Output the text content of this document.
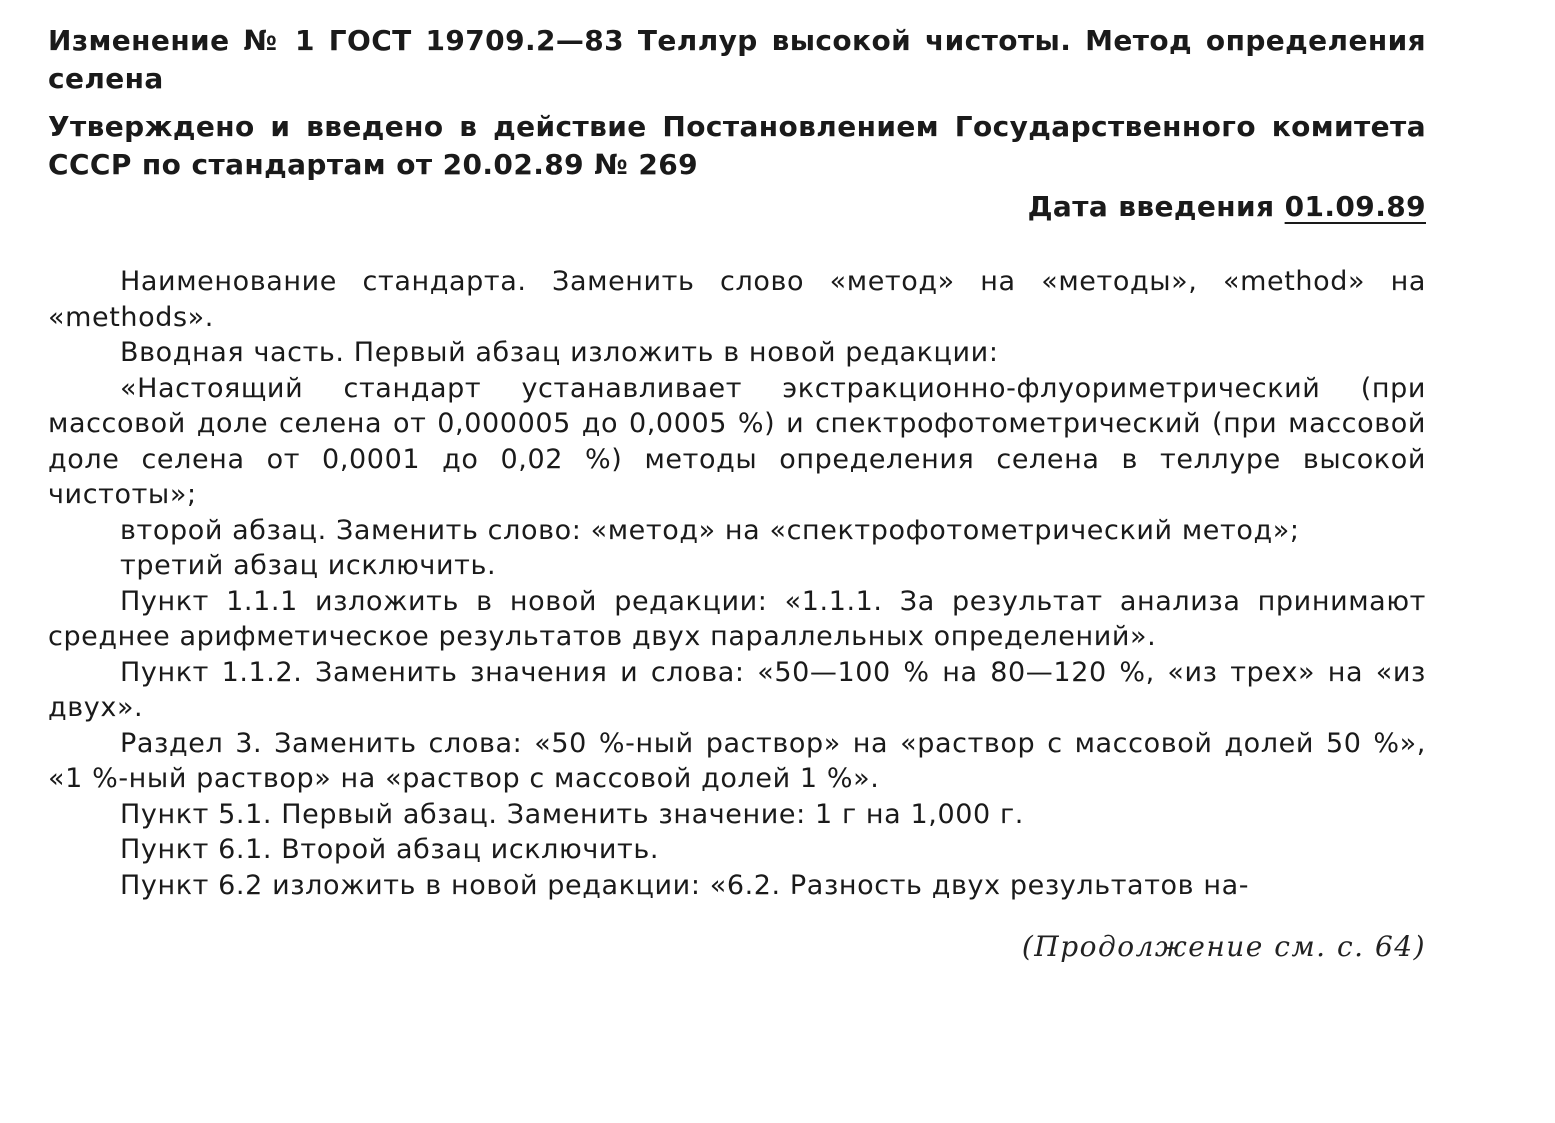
Изменение № 1 ГОСТ 19709.2—83 Теллур высокой чистоты. Метод определения селена

Утверждено и введено в действие Постановлением Государственного комитета СССР по стандартам от 20.02.89 № 269

Дата введения 01.09.89

Наименование стандарта. Заменить слово «метод» на «методы», «method» на «methods».

Вводная часть. Первый абзац изложить в новой редакции:

«Настоящий стандарт устанавливает экстракционно-флуориметрический (при массовой доле селена от 0,000005 до 0,0005 %) и спектрофотометрический (при массовой доле селена от 0,0001 до 0,02 %) методы определения селена в теллуре высокой чистоты»;

второй абзац. Заменить слово: «метод» на «спектрофотометрический метод»;

третий абзац исключить.

Пункт 1.1.1 изложить в новой редакции: «1.1.1. За результат анализа принимают среднее арифметическое результатов двух параллельных определений».

Пункт 1.1.2. Заменить значения и слова: «50—100 % на 80—120 %, «из трех» на «из двух».

Раздел 3. Заменить слова: «50 %-ный раствор» на «раствор с массовой долей 50 %», «1 %-ный раствор» на «раствор с массовой долей 1 %».

Пункт 5.1. Первый абзац. Заменить значение: 1 г на 1,000 г.

Пункт 6.1. Второй абзац исключить.

Пункт 6.2 изложить в новой редакции: «6.2. Разность двух результатов на-

(Продолжение см. с. 64)
